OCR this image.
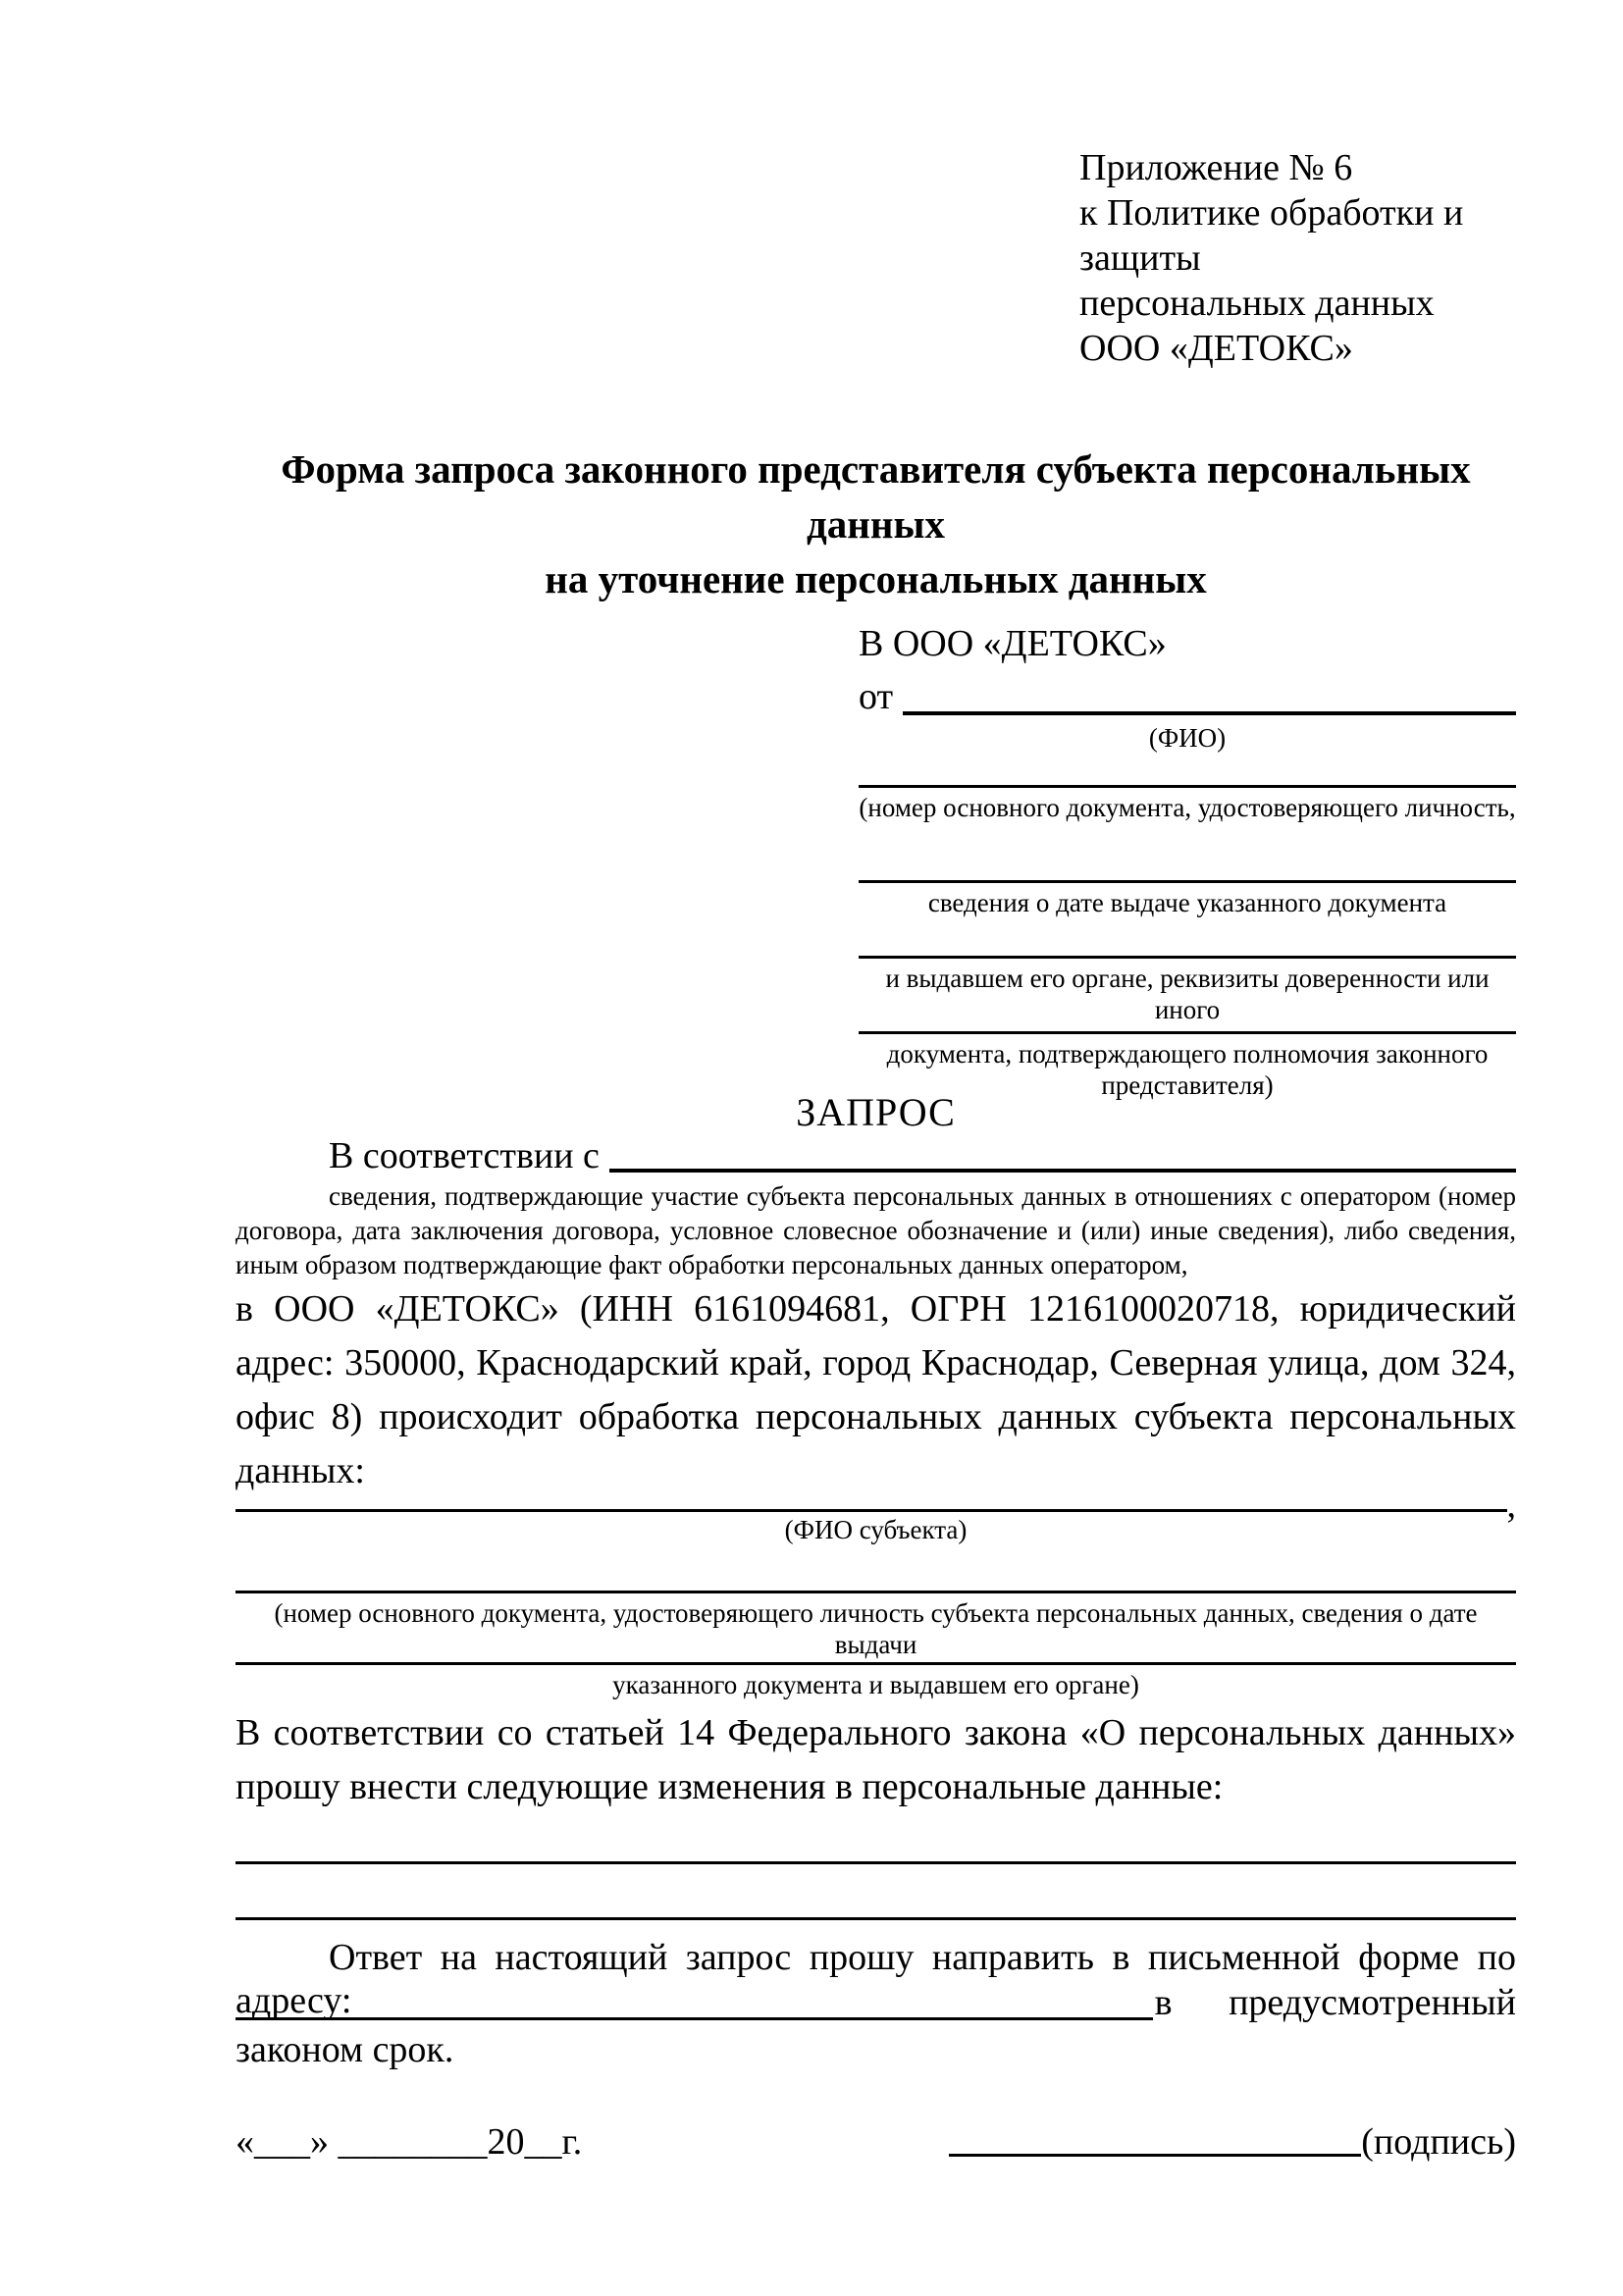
Приложение № 6
к Политике обработки и защиты
персональных данных
ООО «ДЕТОКС»
Форма запроса законного представителя субъекта персональных данных
на уточнение персональных данных
В ООО «ДЕТОКС»
от
(ФИО)
(номер основного документа, удостоверяющего личность,
сведения о дате выдаче указанного документа
и выдавшем его органе, реквизиты доверенности или иного
документа, подтверждающего полномочия законного представителя)
ЗАПРОС
В соответствии с
сведения, подтверждающие участие субъекта персональных данных в отношениях с оператором (номер договора, дата заключения договора, условное словесное обозначение и (или) иные сведения), либо сведения, иным образом подтверждающие факт обработки персональных данных оператором,
в ООО «ДЕТОКС» (ИНН 6161094681, ОГРН 1216100020718, юридический адрес: 350000, Краснодарский край, город Краснодар, Северная улица, дом 324, офис 8) происходит обработка персональных данных субъекта персональных данных:
,
(ФИО субъекта)
(номер основного документа, удостоверяющего личность субъекта персональных данных, сведения о дате выдачи
указанного документа и выдавшем его органе)
В соответствии со статьей 14 Федерального закона «О персональных данных» прошу внести следующие изменения в персональные данные:
Ответ на настоящий запрос прошу направить в письменной форме по адресу:	в предусмотренный
законом срок.
«___» ________20__г.	(подпись)
